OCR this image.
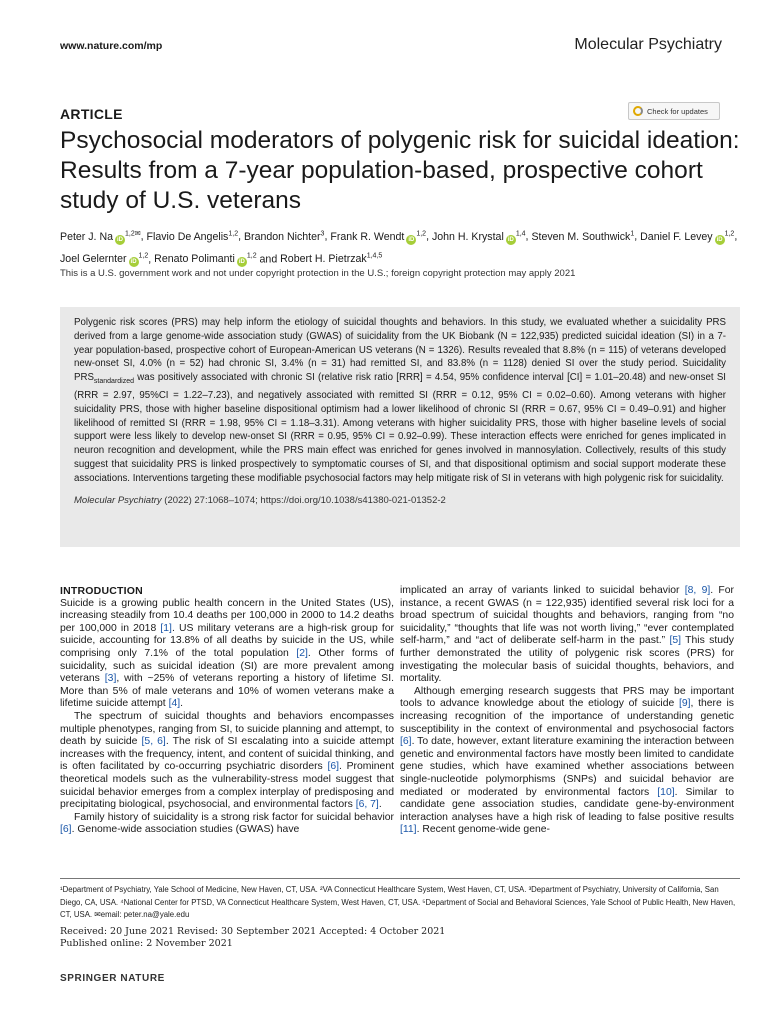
www.nature.com/mp	Molecular Psychiatry
ARTICLE	Check for updates
Psychosocial moderators of polygenic risk for suicidal ideation: Results from a 7-year population-based, prospective cohort study of U.S. veterans
Peter J. Na $iD^{1,2✉}$, Flavio De Angelis$^{1,2}$, Brandon Nichter$^3$, Frank R. Wendt iD$^{1,2}$, John H. Krystal iD$^{1,4}$, Steven M. Southwick$^1$, Daniel F. Levey iD$^{1,2}$, Joel Gelernter iD$^{1,2}$, Renato Polimanti iD$^{1,2}$ and Robert H. Pietrzak$^{1,4,5}$
This is a U.S. government work and not under copyright protection in the U.S.; foreign copyright protection may apply 2021
Polygenic risk scores (PRS) may help inform the etiology of suicidal thoughts and behaviors. In this study, we evaluated whether a suicidality PRS derived from a large genome-wide association study (GWAS) of suicidality from the UK Biobank (N = 122,935) predicted suicidal ideation (SI) in a 7-year population-based, prospective cohort of European-American US veterans (N = 1326). Results revealed that 8.8% (n = 115) of veterans developed new-onset SI, 4.0% (n = 52) had chronic SI, 3.4% (n = 31) had remitted SI, and 83.8% (n = 1128) denied SI over the study period. Suicidality $PRS_{standardized}$ was positively associated with chronic SI (relative risk ratio [RRR] = 4.54, 95% confidence interval [CI] = 1.01–20.48) and new-onset SI (RRR = 2.97, 95%CI = 1.22–7.23), and negatively associated with remitted SI (RRR = 0.12, 95% CI = 0.02–0.60). Among veterans with higher suicidality PRS, those with higher baseline dispositional optimism had a lower likelihood of chronic SI (RRR = 0.67, 95% CI = 0.49–0.91) and higher likelihood of remitted SI (RRR = 1.98, 95% CI = 1.18–3.31). Among veterans with higher suicidality PRS, those with higher baseline levels of social support were less likely to develop new-onset SI (RRR = 0.95, 95% CI = 0.92–0.99). These interaction effects were enriched for genes implicated in neuron recognition and development, while the PRS main effect was enriched for genes involved in mannosylation. Collectively, results of this study suggest that suicidality PRS is linked prospectively to symptomatic courses of SI, and that dispositional optimism and social support moderate these associations. Interventions targeting these modifiable psychosocial factors may help mitigate risk of SI in veterans with high polygenic risk for suicidality.
Molecular Psychiatry (2022) 27:1068–1074; https://doi.org/10.1038/s41380-021-01352-2
INTRODUCTION

Suicide is a growing public health concern in the United States (US), increasing steadily from 10.4 deaths per 100,000 in 2000 to 14.2 deaths per 100,000 in 2018 [1]. US military veterans are a high-risk group for suicide, accounting for 13.8% of all deaths by suicide in the US, while comprising only 7.1% of the total population [2]. Other forms of suicidality, such as suicidal ideation (SI) are more prevalent among veterans [3], with ~25% of veterans reporting a history of lifetime SI. More than 5% of male veterans and 10% of women veterans make a lifetime suicide attempt [4].

The spectrum of suicidal thoughts and behaviors encompasses multiple phenotypes, ranging from SI, to suicide planning and attempt, to death by suicide [5, 6]. The risk of SI escalating into a suicide attempt increases with the frequency, intent, and content of suicidal thinking, and is often facilitated by co-occurring psychiatric disorders [6]. Prominent theoretical models such as the vulnerability-stress model suggest that suicidal behavior emerges from a complex interplay of predisposing and precipitating biological, psychosocial, and environmental factors [6, 7].

Family history of suicidality is a strong risk factor for suicidal behavior [6]. Genome-wide association studies (GWAS) have

implicated an array of variants linked to suicidal behavior [8, 9]. For instance, a recent GWAS (n = 122,935) identified several risk loci for a broad spectrum of suicidal thoughts and behaviors, ranging from “no suicidality,” “thoughts that life was not worth living,” “ever contemplated self-harm,” and “act of deliberate self-harm in the past.” [5] This study further demonstrated the utility of polygenic risk scores (PRS) for investigating the molecular basis of suicidal thoughts, behaviors, and mortality.

Although emerging research suggests that PRS may be important tools to advance knowledge about the etiology of suicide [9], there is increasing recognition of the importance of understanding genetic susceptibility in the context of environmental and psychosocial factors [6]. To date, however, extant literature examining the interaction between genetic and environmental factors have mostly been limited to candidate gene studies, which have examined whether associations between single-nucleotide polymorphisms (SNPs) and suicidal behavior are mediated or moderated by environmental factors [10]. Similar to candidate gene association studies, candidate gene-by-environment interaction analyses have a high risk of leading to false positive results [11]. Recent genome-wide gene-

¹Department of Psychiatry, Yale School of Medicine, New Haven, CT, USA. ²VA Connecticut Healthcare System, West Haven, CT, USA. ³Department of Psychiatry, University of California, San Diego, CA, USA. ⁴National Center for PTSD, VA Connecticut Healthcare System, West Haven, CT, USA. ⁵Department of Social and Behavioral Sciences, Yale School of Public Health, New Haven, CT, USA. ✉email: peter.na@yale.edu
Received: 20 June 2021 Revised: 30 September 2021 Accepted: 4 October 2021
Published online: 2 November 2021
SPRINGER NATURE
